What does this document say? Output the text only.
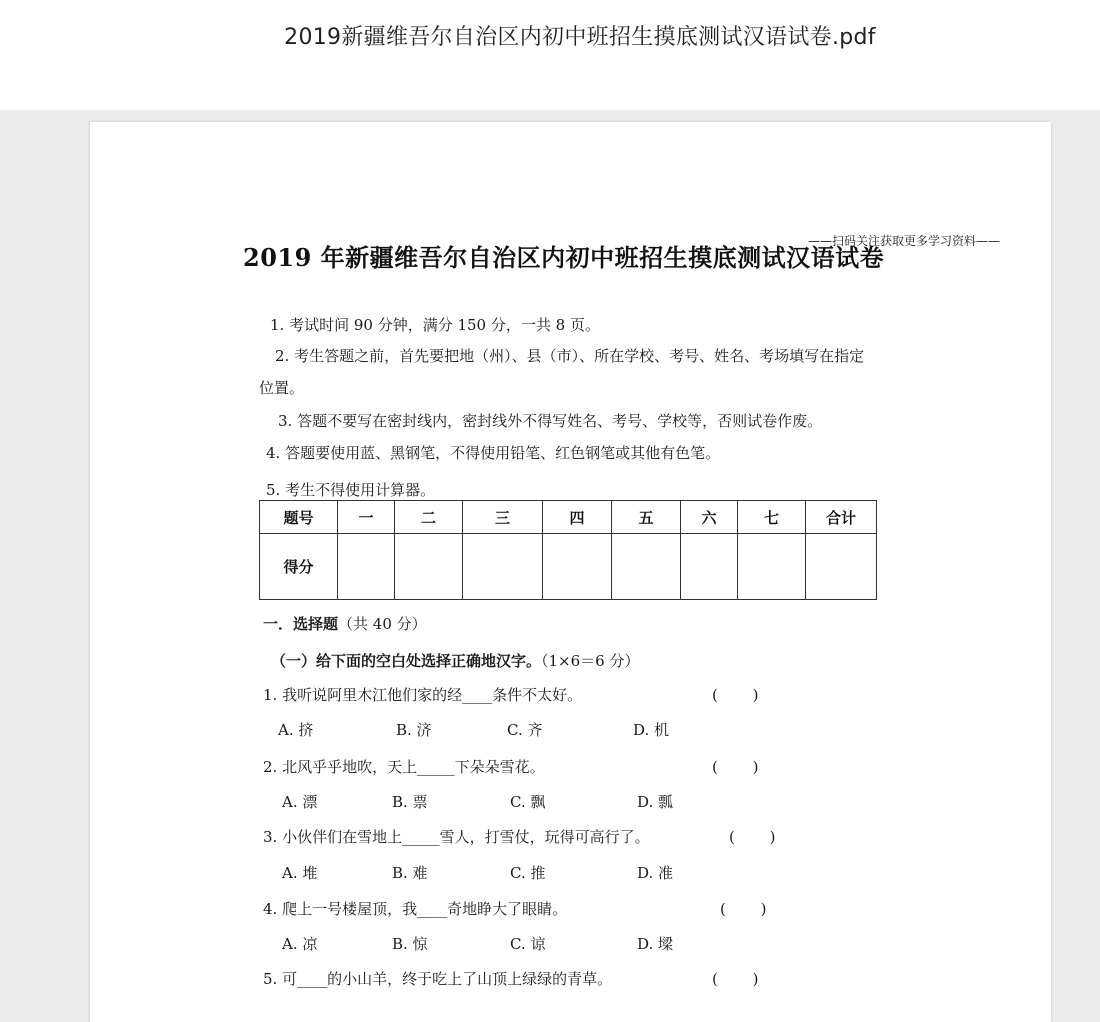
2019新疆维吾尔自治区内初中班招生摸底测试汉语试卷.pdf
——扫码关注获取更多学习资料——
2019 年新疆维吾尔自治区内初中班招生摸底测试汉语试卷
1. 考试时间 90 分钟，满分 150 分，一共 8 页。
2. 考生答题之前，首先要把地（州）、县（市）、所在学校、考号、姓名、考场填写在指定
位置。
3. 答题不要写在密封线内，密封线外不得写姓名、考号、学校等，否则试卷作废。
4. 答题要使用蓝、黑钢笔，不得使用铅笔、红色钢笔或其他有色笔。
5. 考生不得使用计算器。
题号	一	二	三	四	五	六	七	合计
得分								
一．选择题（共 40 分）
（一）给下面的空白处选择正确地汉字。（1×6＝6 分）
1. 我听说阿里木江他们家的经____条件不太好。	(　　 )
A. 挤	B. 济	C. 齐	D. 机
2. 北风乎乎地吹，天上_____下朵朵雪花。	(　　 )
A. 漂	B. 票	C. 飘	D. 瓢
3. 小伙伴们在雪地上_____雪人，打雪仗，玩得可高行了。	(　　 )
A. 堆	B. 难	C. 推	D. 准
4. 爬上一号楼屋顶，我____奇地睁大了眼睛。	(　　 )
A. 凉	B. 惊	C. 谅	D. 墚
5. 可____的小山羊，终于吃上了山顶上绿绿的青草。	(　　 )
